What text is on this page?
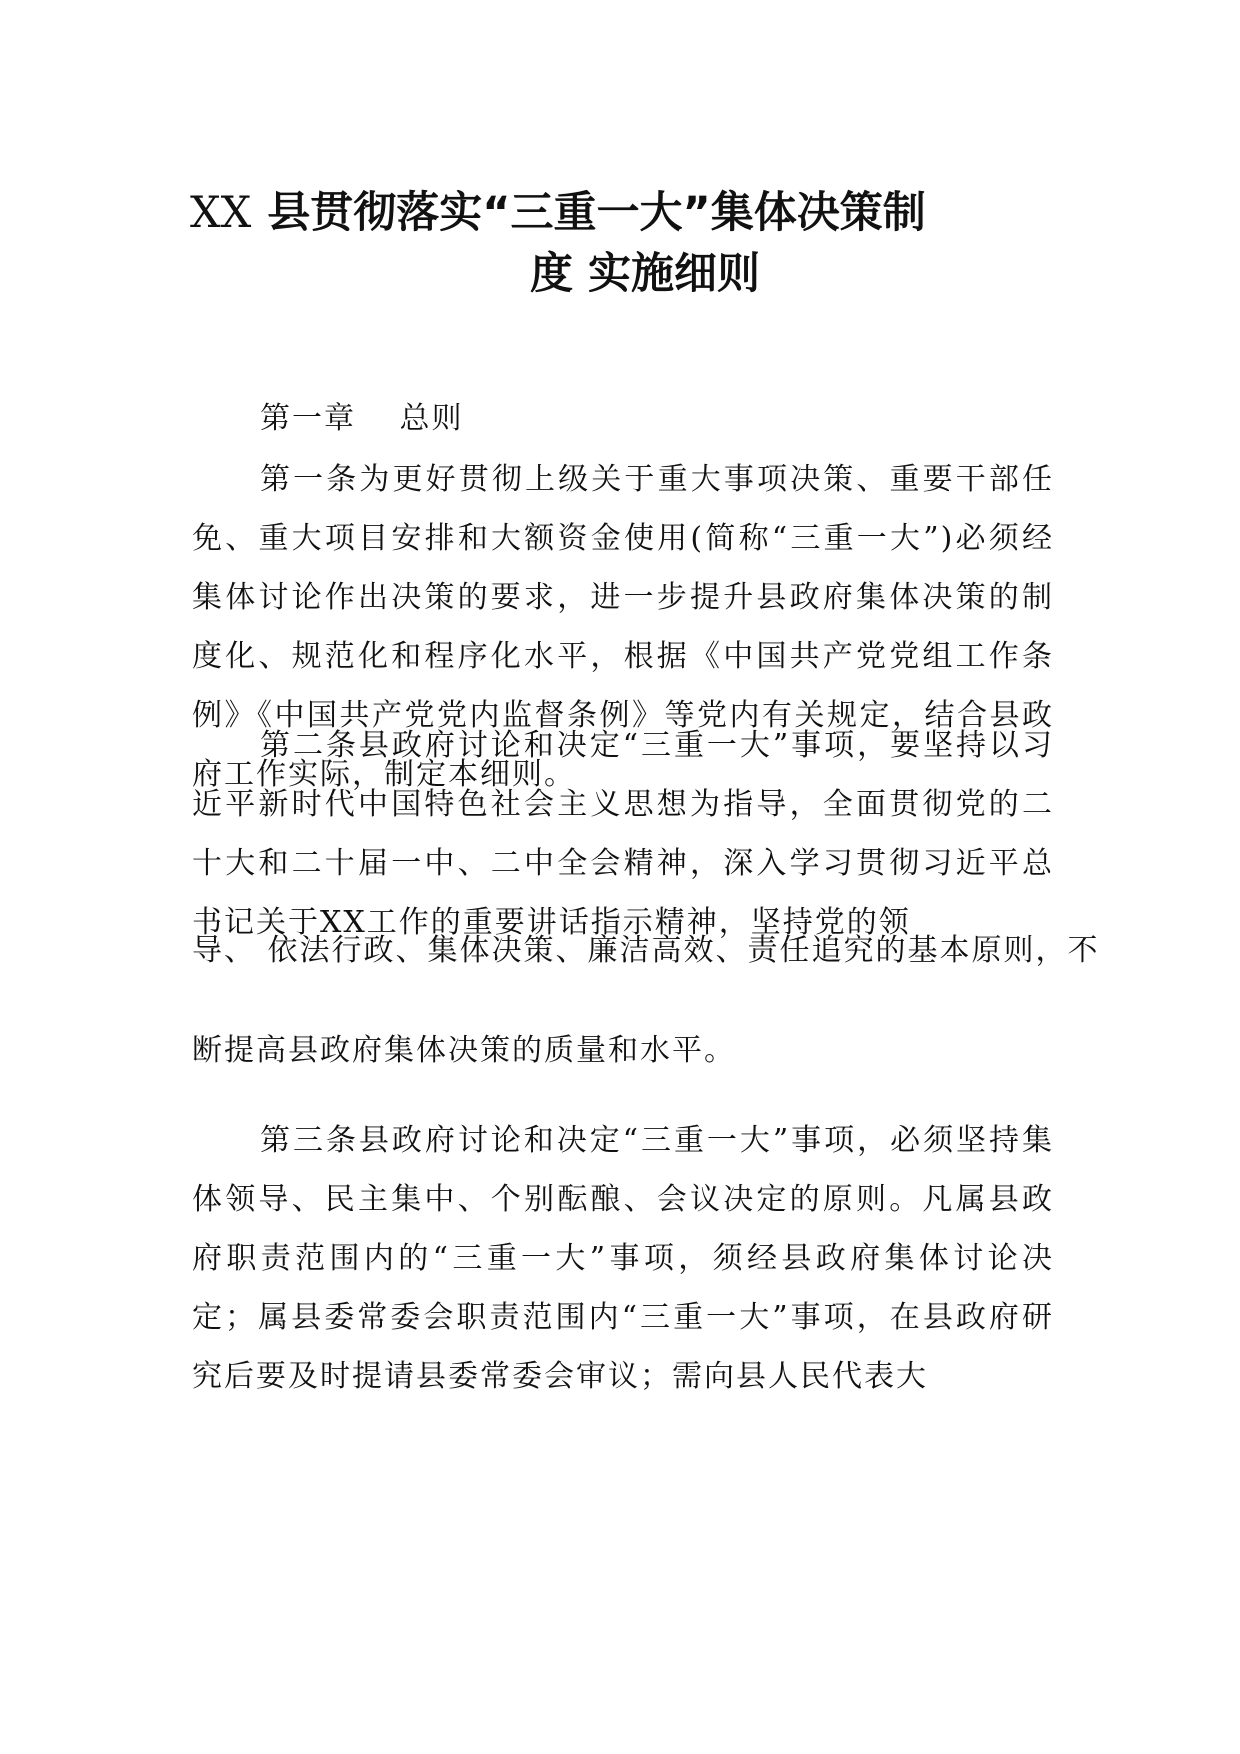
XX 县贯彻落实“三重一大”集体决策制
度 实施细则
第一章　 总则

第一条为更好贯彻上级关于重大事项决策、重要干部任免、重大项目安排和大额资金使用(简称“三重一大”)必须经集体讨论作出决策的要求，进一步提升县政府集体决策的制度化、规范化和程序化水平，根据《中国共产党党组工作条例》《中国共产党党内监督条例》等党内有关规定，结合县政府工作实际，制定本细则。

第二条县政府讨论和决定“三重一大”事项，要坚持以习近平新时代中国特色社会主义思想为指导，全面贯彻党的二十大和二十届一中、二中全会精神，深入学习贯彻习近平总书记关于XX工作的重要讲话指示精神，坚持党的领

导、 依法行政、集体决策、廉洁高效、责任追究的基本原则，不
断提高县政府集体决策的质量和水平。

第三条县政府讨论和决定“三重一大”事项，必须坚持集体领导、民主集中、个别酝酿、会议决定的原则。凡属县政府职责范围内的“三重一大”事项，须经县政府集体讨论决定；属县委常委会职责范围内“三重一大”事项，在县政府研究后要及时提请县委常委会审议；需向县人民代表大
